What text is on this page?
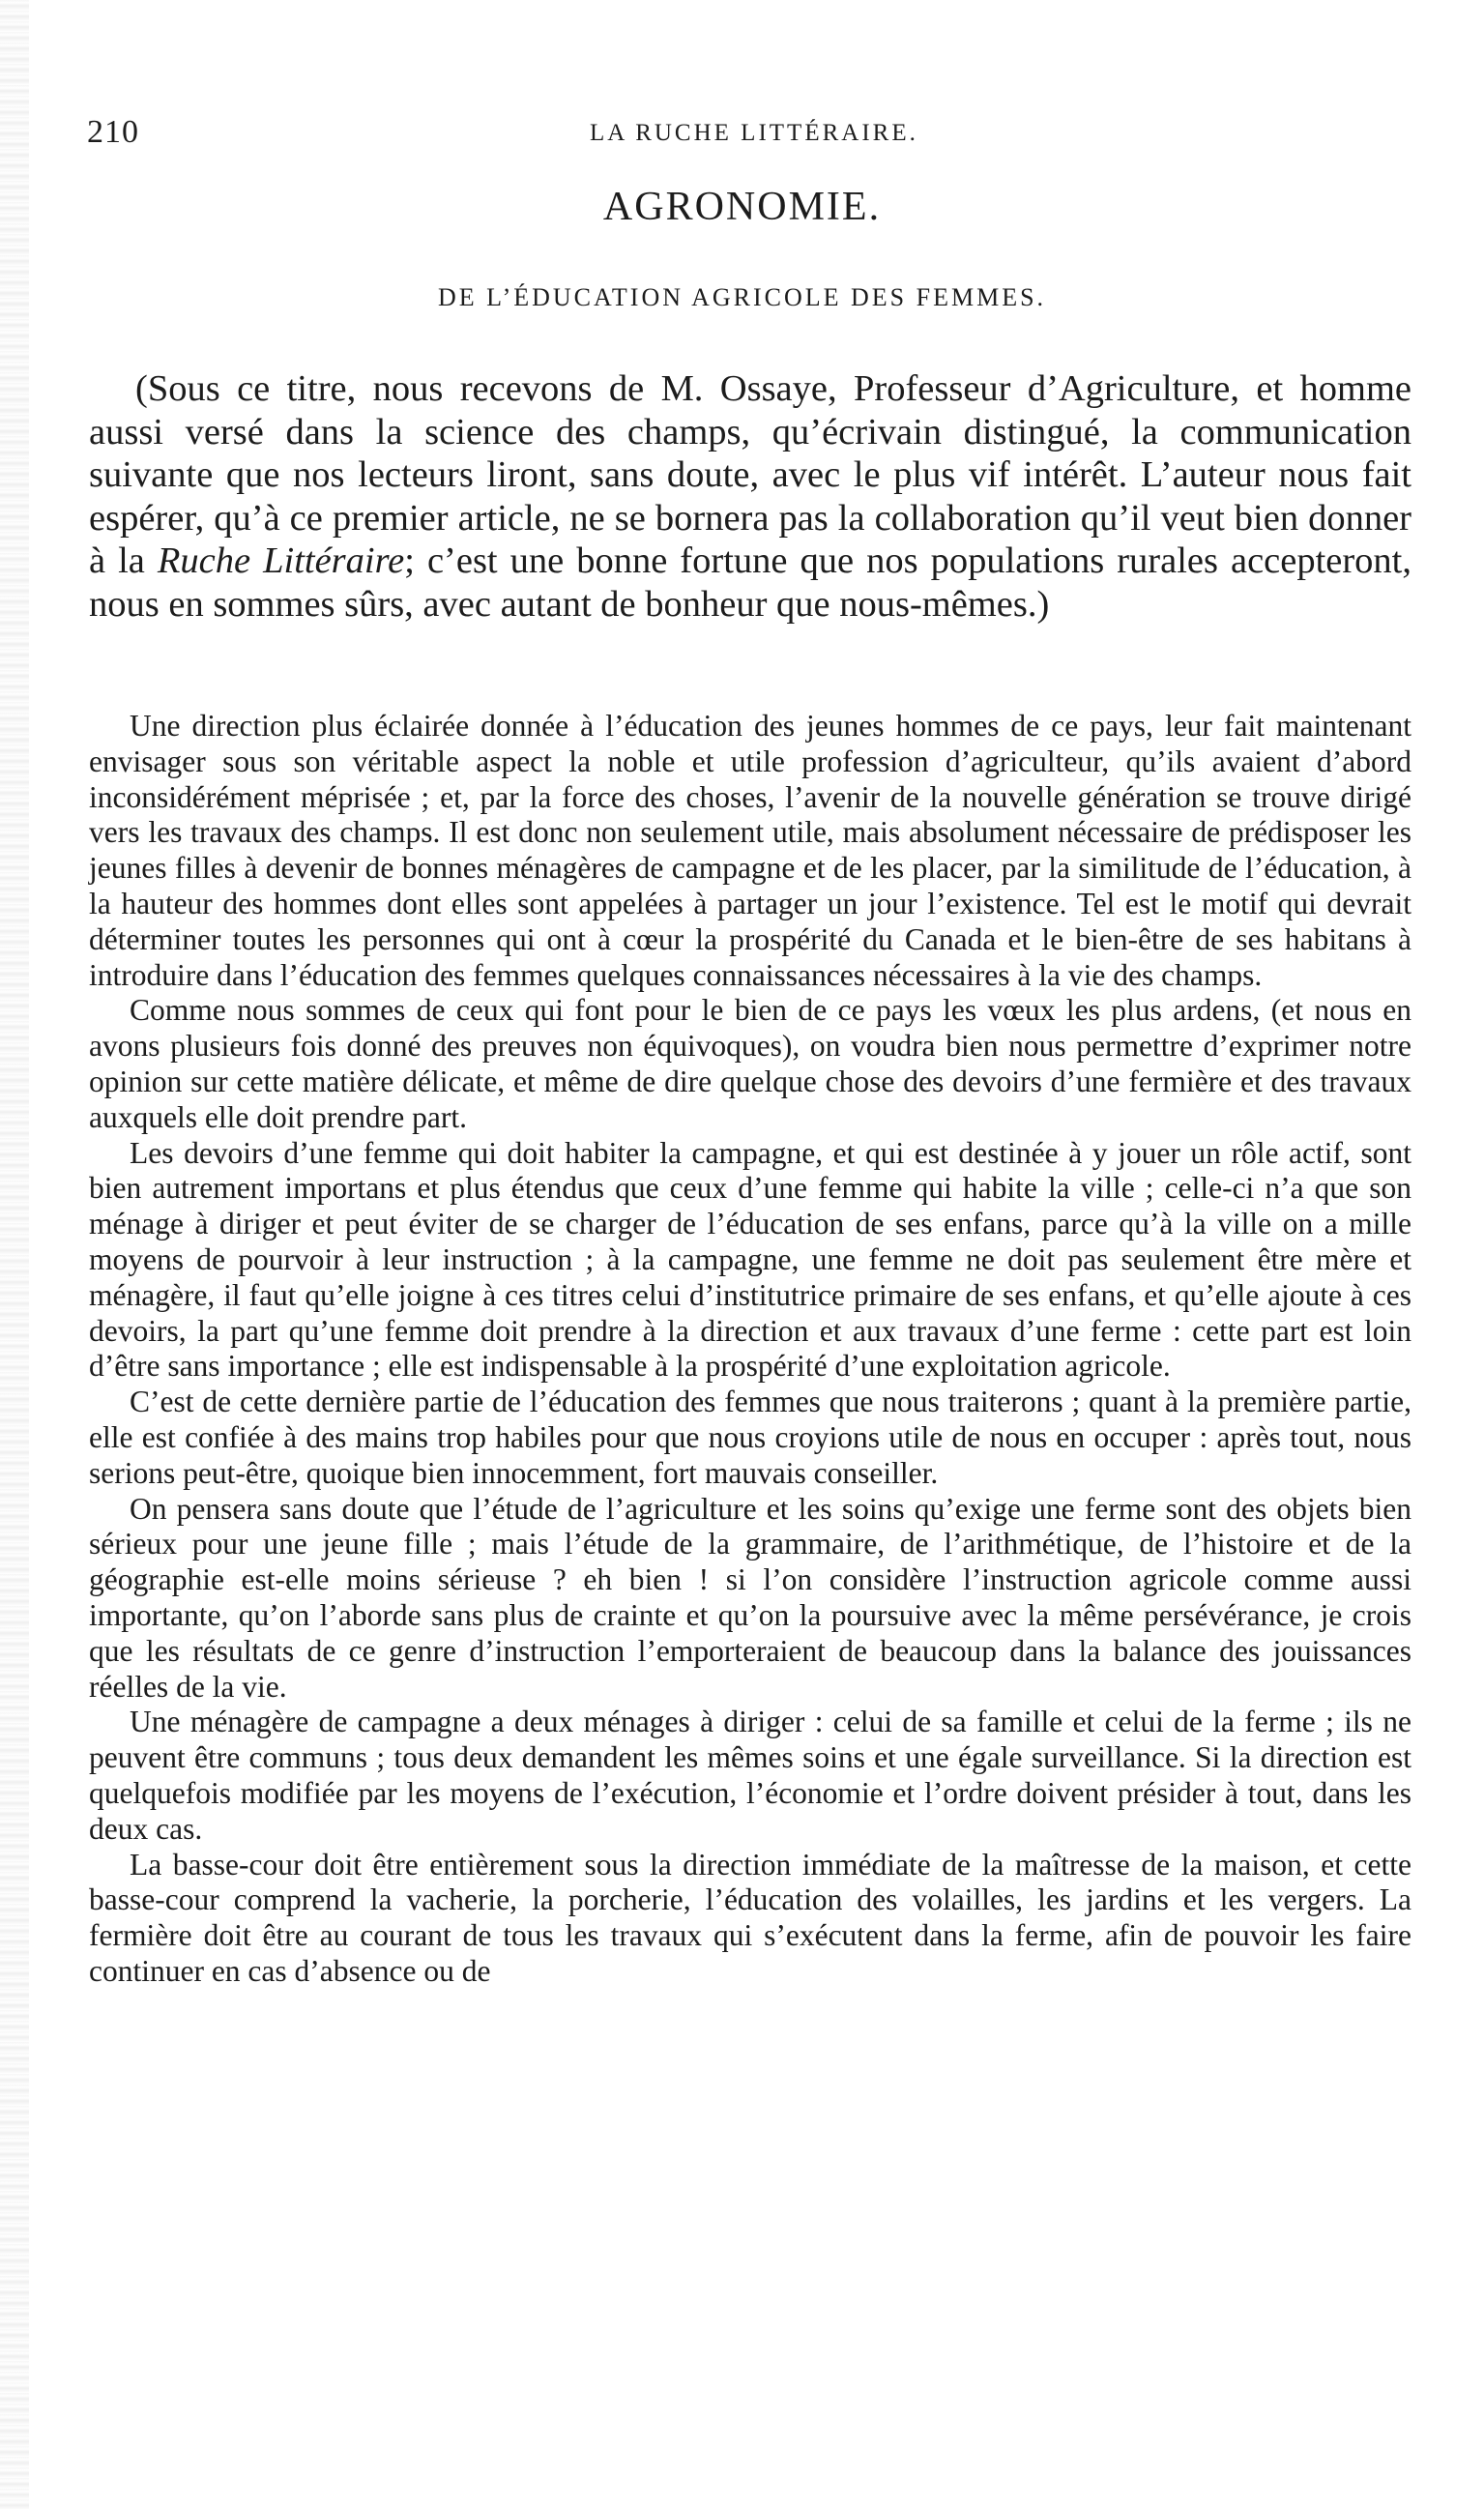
210	LA RUCHE LITTÉRAIRE.
AGRONOMIE.
DE L’ÉDUCATION AGRICOLE DES FEMMES.

(Sous ce titre, nous recevons de M. Ossaye, Professeur d’Agriculture, et homme aussi versé dans la science des champs, qu’écrivain distingué, la communication suivante que nos lecteurs liront, sans doute, avec le plus vif intérêt. L’auteur nous fait espérer, qu’à ce premier article, ne se bornera pas la collaboration qu’il veut bien donner à la Ruche Littéraire; c’est une bonne fortune que nos populations rurales accepteront, nous en sommes sûrs, avec autant de bonheur que nous-mêmes.)

Une direction plus éclairée donnée à l’éducation des jeunes hommes de ce pays, leur fait maintenant envisager sous son véritable aspect la noble et utile profession d’agriculteur, qu’ils avaient d’abord inconsidérément méprisée ; et, par la force des choses, l’avenir de la nouvelle génération se trouve dirigé vers les travaux des champs. Il est donc non seulement utile, mais absolument nécessaire de prédisposer les jeunes filles à devenir de bonnes ménagères de campagne et de les placer, par la similitude de l’éducation, à la hauteur des hommes dont elles sont appelées à partager un jour l’existence. Tel est le motif qui devrait déterminer toutes les personnes qui ont à cœur la prospérité du Canada et le bien-être de ses habitans à introduire dans l’éducation des femmes quelques connaissances nécessaires à la vie des champs.

Comme nous sommes de ceux qui font pour le bien de ce pays les vœux les plus ardens, (et nous en avons plusieurs fois donné des preuves non équivoques), on voudra bien nous permettre d’exprimer notre opinion sur cette matière délicate, et même de dire quelque chose des devoirs d’une fermière et des travaux auxquels elle doit prendre part.

Les devoirs d’une femme qui doit habiter la campagne, et qui est destinée à y jouer un rôle actif, sont bien autrement importans et plus étendus que ceux d’une femme qui habite la ville ; celle-ci n’a que son ménage à diriger et peut éviter de se charger de l’éducation de ses enfans, parce qu’à la ville on a mille moyens de pourvoir à leur instruction ; à la campagne, une femme ne doit pas seulement être mère et ménagère, il faut qu’elle joigne à ces titres celui d’institutrice primaire de ses enfans, et qu’elle ajoute à ces devoirs, la part qu’une femme doit prendre à la direction et aux travaux d’une ferme : cette part est loin d’être sans importance ; elle est indispensable à la prospérité d’une exploitation agricole.

C’est de cette dernière partie de l’éducation des femmes que nous traiterons ; quant à la première partie, elle est confiée à des mains trop habiles pour que nous croyions utile de nous en occuper : après tout, nous serions peut-être, quoique bien innocemment, fort mauvais conseiller.

On pensera sans doute que l’étude de l’agriculture et les soins qu’exige une ferme sont des objets bien sérieux pour une jeune fille ; mais l’étude de la grammaire, de l’arithmétique, de l’histoire et de la géographie est-elle moins sérieuse ? eh bien ! si l’on considère l’instruction agricole comme aussi importante, qu’on l’aborde sans plus de crainte et qu’on la poursuive avec la même persévérance, je crois que les résultats de ce genre d’instruction l’emporteraient de beaucoup dans la balance des jouissances réelles de la vie.

Une ménagère de campagne a deux ménages à diriger : celui de sa famille et celui de la ferme ; ils ne peuvent être communs ; tous deux demandent les mêmes soins et une égale surveillance. Si la direction est quelquefois modifiée par les moyens de l’exécution, l’économie et l’ordre doivent présider à tout, dans les deux cas.

La basse-cour doit être entièrement sous la direction immédiate de la maîtresse de la maison, et cette basse-cour comprend la vacherie, la porcherie, l’éducation des volailles, les jardins et les vergers. La fermière doit être au courant de tous les travaux qui s’exécutent dans la ferme, afin de pouvoir les faire continuer en cas d’absence ou de
